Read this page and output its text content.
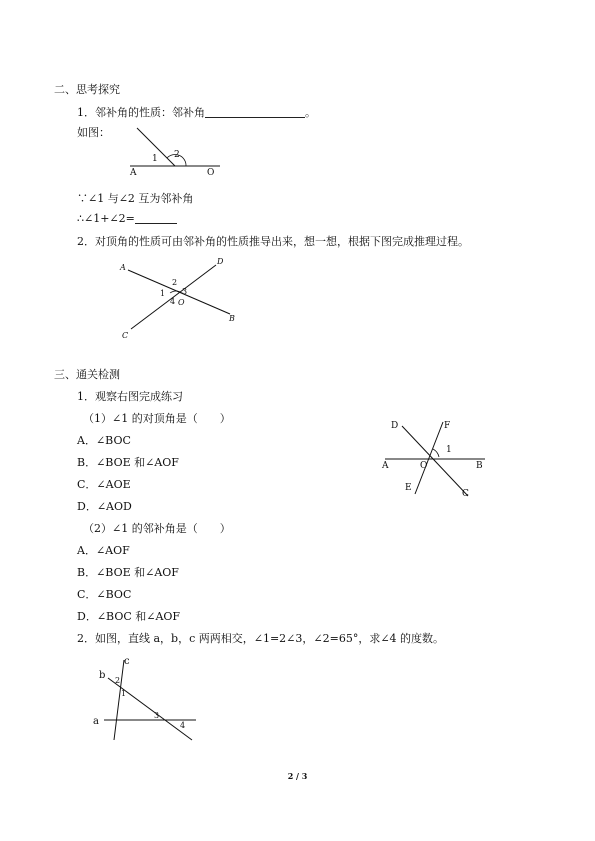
二、思考探究
1．邻补角的性质：邻补角	。
如图：
A	O
1 2
∵∠1 与∠2 互为邻补角
∴∠1+∠2=
2．对顶角的性质可由邻补角的性质推导出来，想一想，根据下图完成推理过程。
A
D
C
B
2
1 3
4 O
三、通关检测
1．观察右图完成练习
（1）∠1 的对顶角是（　　）
A．∠BOC
B．∠BOE 和∠AOF
C．∠AOE
D．∠AOD
（2）∠1 的邻补角是（　　）
A．∠AOF
B．∠BOE 和∠AOF
C．∠BOC
D．∠BOC 和∠AOF
D	F
1
A	O	B
E
C
2．如图，直线 a，b，c 两两相交，∠1=2∠3，∠2=65°，求∠4 的度数。
c
b 2
1
a
3
4
2 / 3
